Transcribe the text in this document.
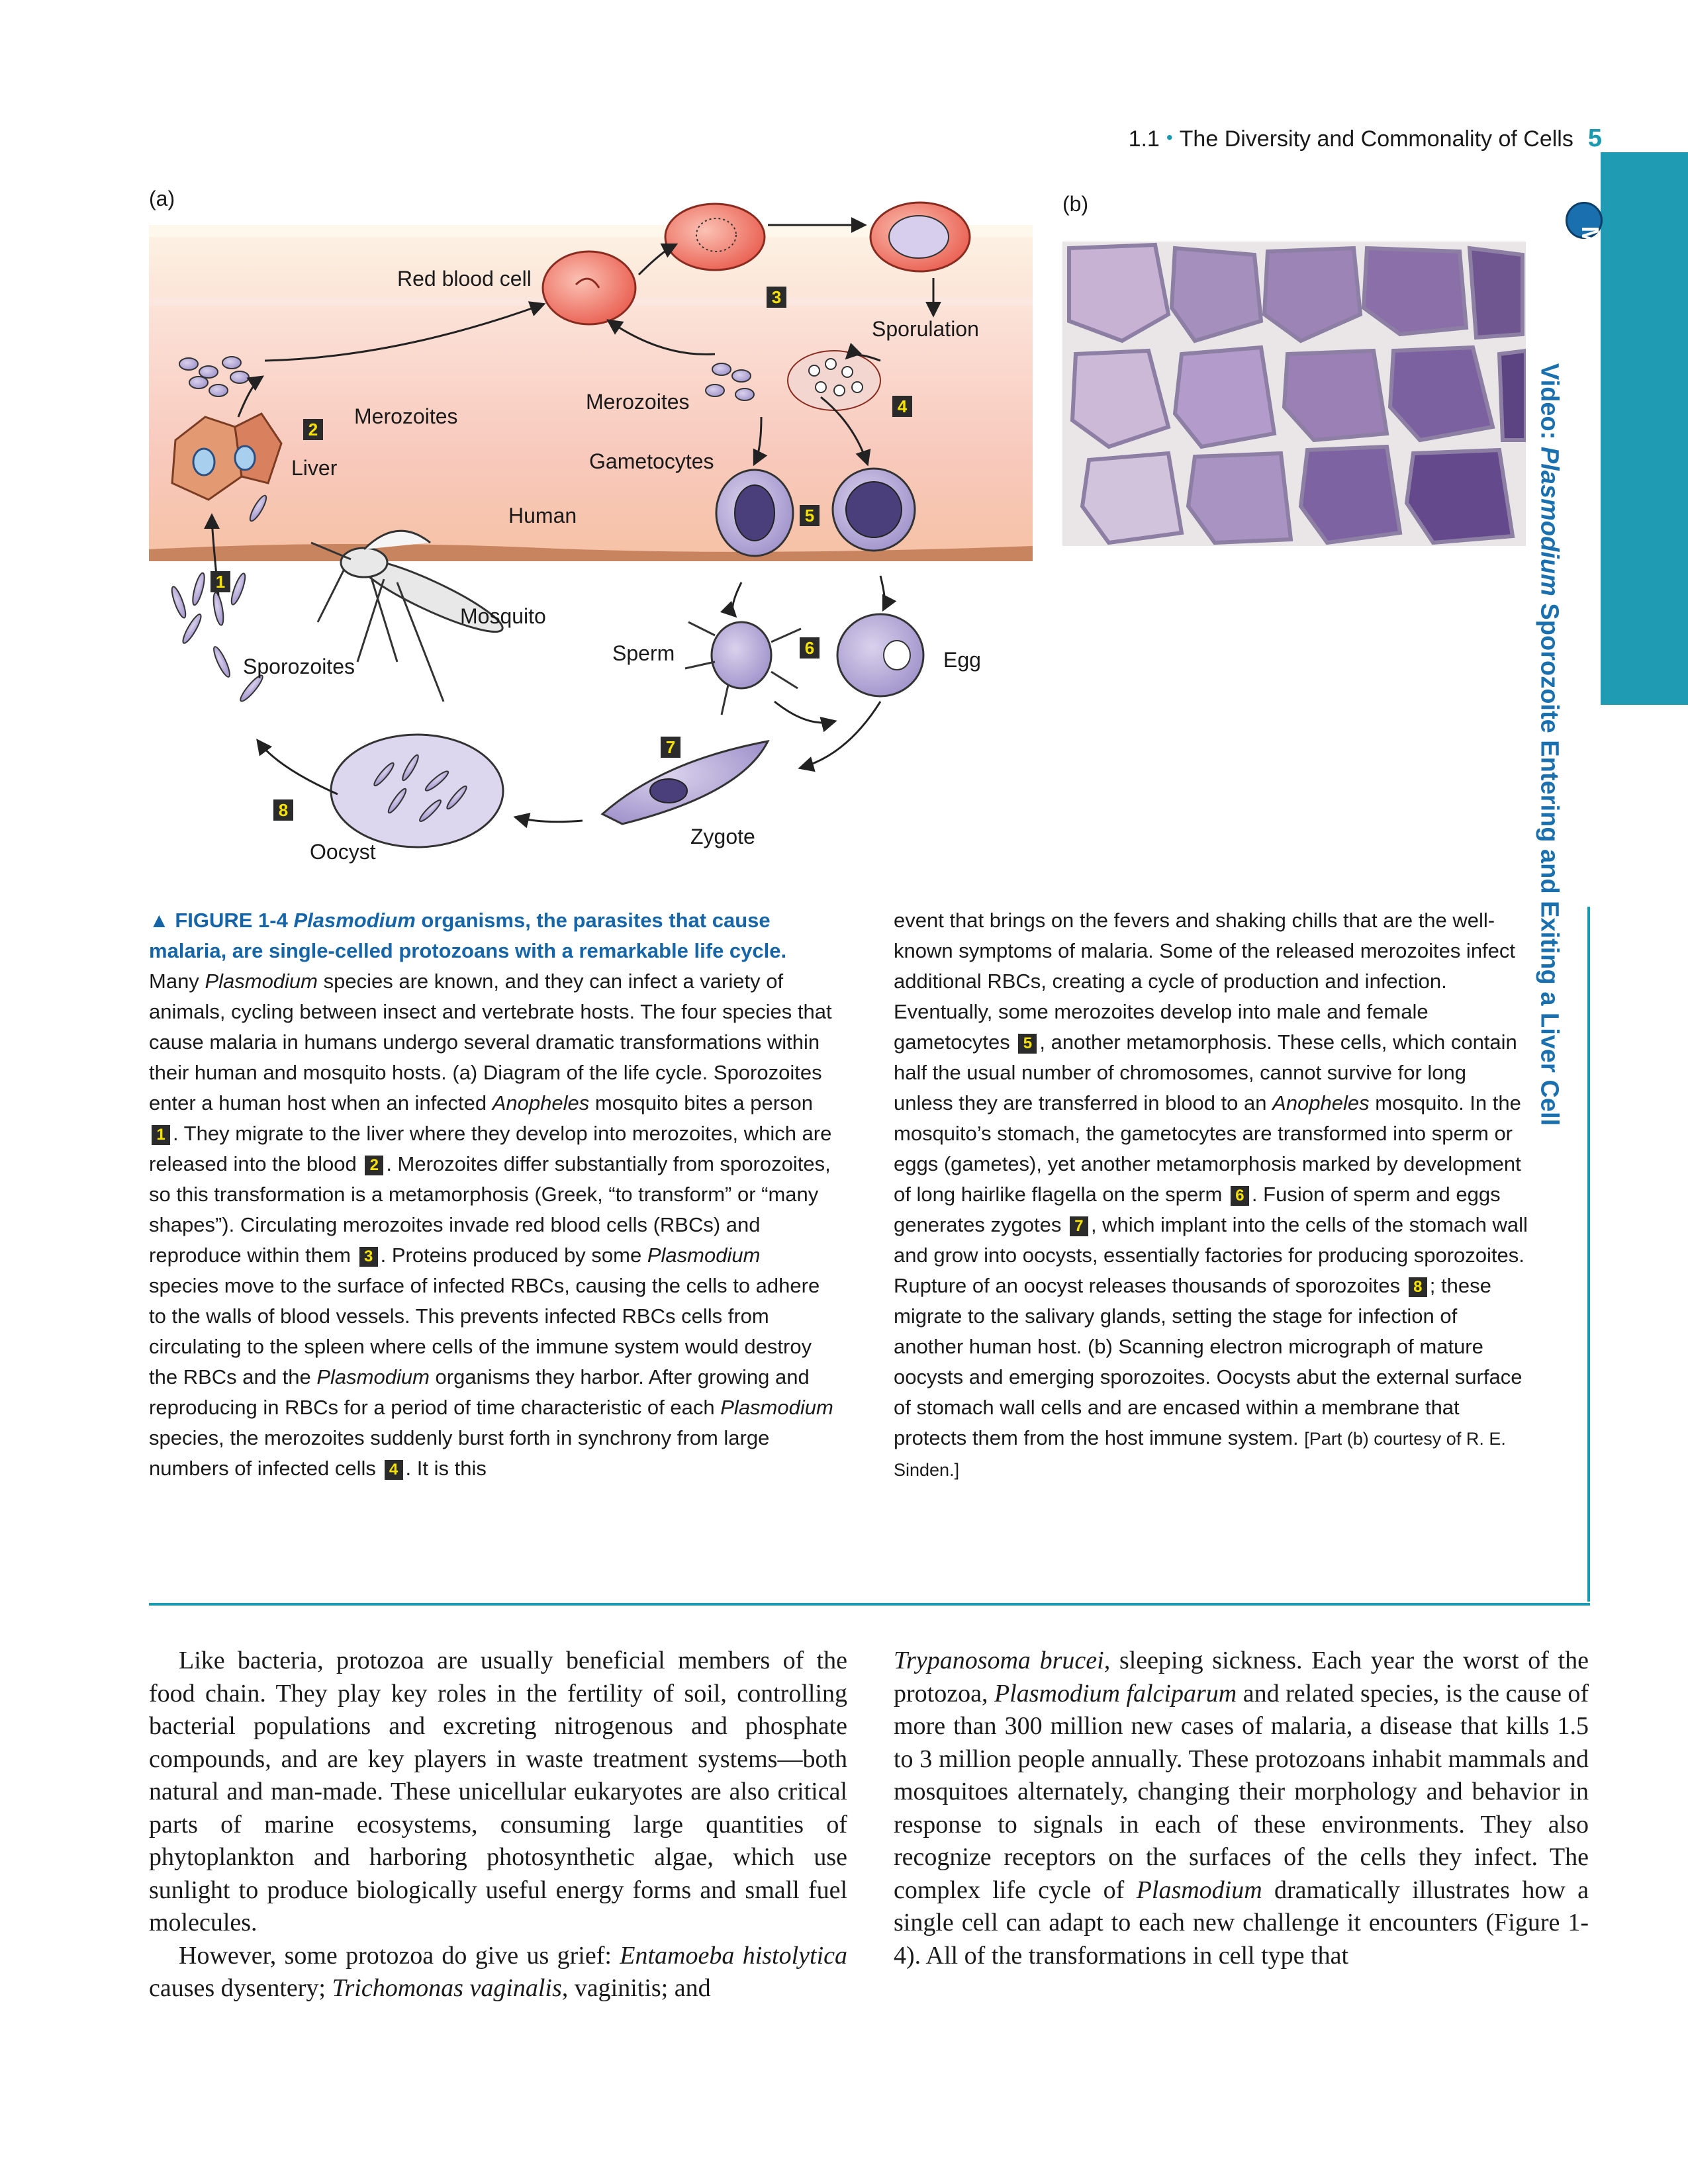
1.1 • The Diversity and Commonality of Cells 5
(a)	(b)
Red blood cell
Merozoites
Liver
Merozoites
Gametocytes
Human
Sporulation
Mosquito
Sporozoites
Sperm	Egg
Oocyst
Zygote
1
2
3
4
5
6
7
8
MEDIA CONNECTIONS
Video: Plasmodium Sporozoite Entering and Exiting a Liver Cell

▲ FIGURE 1-4 Plasmodium organisms, the parasites that cause malaria, are single-celled protozoans with a remarkable life cycle. Many Plasmodium species are known, and they can infect a variety of animals, cycling between insect and vertebrate hosts. The four species that cause malaria in humans undergo several dramatic transformations within their human and mosquito hosts. (a) Diagram of the life cycle. Sporozoites enter a human host when an infected Anopheles mosquito bites a person 1 . They migrate to the liver where they develop into merozoites, which are released into the blood 2 . Merozoites differ substantially from sporozoites, so this transformation is a metamorphosis (Greek, “to transform” or “many shapes”). Circulating merozoites invade red blood cells (RBCs) and reproduce within them 3 . Proteins produced by some Plasmodium species move to the surface of infected RBCs, causing the cells to adhere to the walls of blood vessels. This prevents infected RBCs cells from circulating to the spleen where cells of the immune system would destroy the RBCs and the Plasmodium organisms they harbor. After growing and reproducing in RBCs for a period of time characteristic of each Plasmodium species, the merozoites suddenly burst forth in synchrony from large numbers of infected cells 4 . It is this

event that brings on the fevers and shaking chills that are the well-known symptoms of malaria. Some of the released merozoites infect additional RBCs, creating a cycle of production and infection. Eventually, some merozoites develop into male and female gametocytes 5 , another metamorphosis. These cells, which contain half the usual number of chromosomes, cannot survive for long unless they are transferred in blood to an Anopheles mosquito. In the mosquito’s stomach, the gametocytes are transformed into sperm or eggs (gametes), yet another metamorphosis marked by development of long hairlike flagella on the sperm 6 . Fusion of sperm and eggs generates zygotes 7 , which implant into the cells of the stomach wall and grow into oocysts, essentially factories for producing sporozoites. Rupture of an oocyst releases thousands of sporozoites 8 ; these migrate to the salivary glands, setting the stage for infection of another human host. (b) Scanning electron micrograph of mature oocysts and emerging sporozoites. Oocysts abut the external surface of stomach wall cells and are encased within a membrane that protects them from the host immune system. [Part (b) courtesy of R. E. Sinden.]

Like bacteria, protozoa are usually beneficial members of the food chain. They play key roles in the fertility of soil, controlling bacterial populations and excreting nitrogenous and phosphate compounds, and are key players in waste treatment systems—both natural and man-made. These unicellular eukaryotes are also critical parts of marine ecosystems, consuming large quantities of phytoplankton and harboring photosynthetic algae, which use sunlight to produce biologically useful energy forms and small fuel molecules.

However, some protozoa do give us grief: Entamoeba histolytica causes dysentery; Trichomonas vaginalis, vaginitis; and

Trypanosoma brucei, sleeping sickness. Each year the worst of the protozoa, Plasmodium falciparum and related species, is the cause of more than 300 million new cases of malaria, a disease that kills 1.5 to 3 million people annually. These protozoans inhabit mammals and mosquitoes alternately, changing their morphology and behavior in response to signals in each of these environments. They also recognize receptors on the surfaces of the cells they infect. The complex life cycle of Plasmodium dramatically illustrates how a single cell can adapt to each new challenge it encounters (Figure 1-4). All of the transformations in cell type that
